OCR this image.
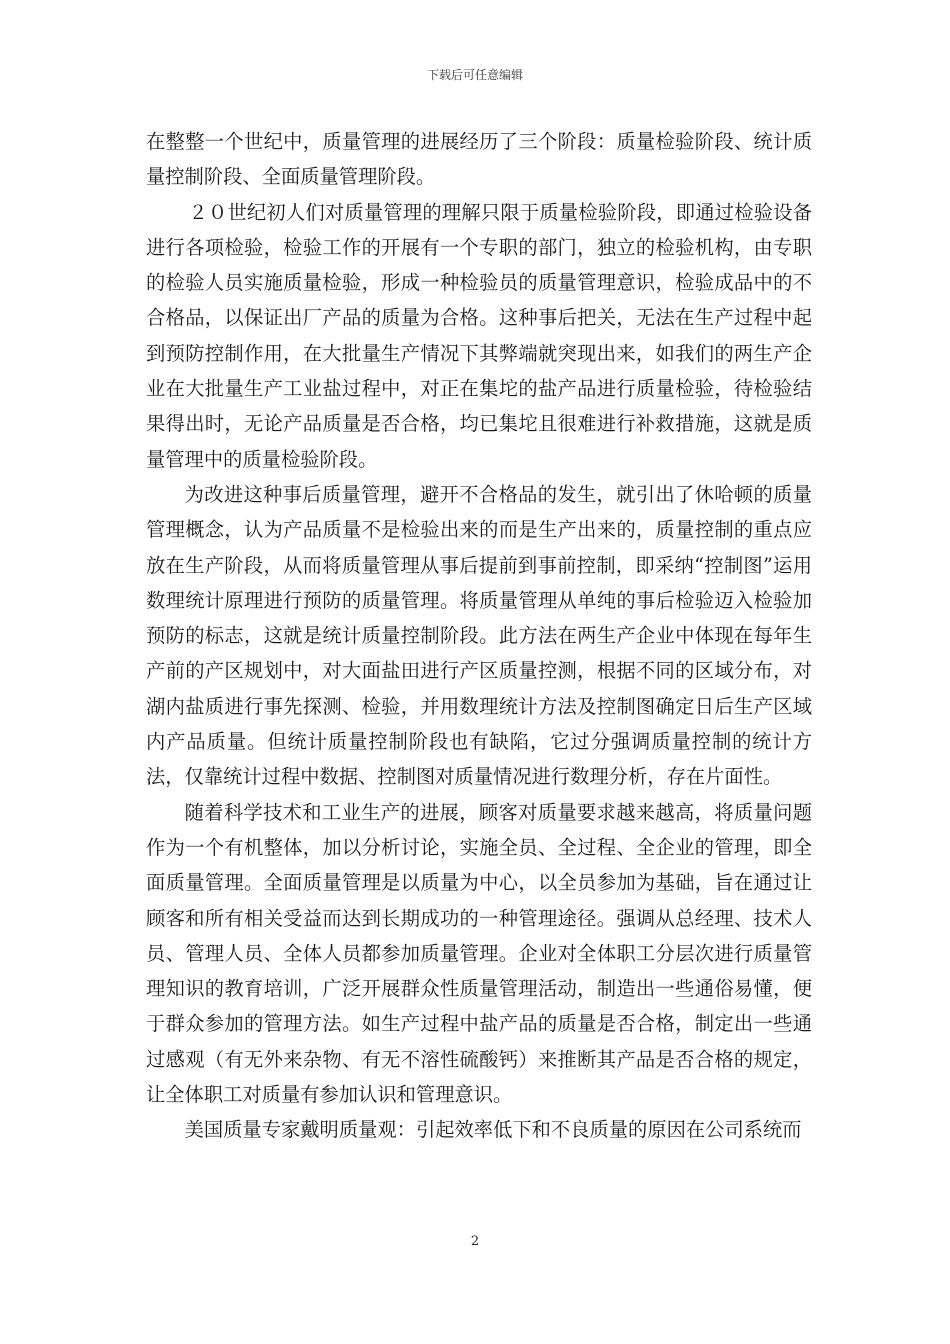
下载后可任意编辑

在整整一个世纪中，质量管理的进展经历了三个阶段：质量检验阶段、统计质量控制阶段、全面质量管理阶段。

２０世纪初人们对质量管理的理解只限于质量检验阶段，即通过检验设备进行各项检验，检验工作的开展有一个专职的部门，独立的检验机构，由专职的检验人员实施质量检验，形成一种检验员的质量管理意识，检验成品中的不合格品，以保证出厂产品的质量为合格。这种事后把关，无法在生产过程中起到预防控制作用，在大批量生产情况下其弊端就突现出来，如我们的两生产企业在大批量生产工业盐过程中，对正在集坨的盐产品进行质量检验，待检验结果得出时，无论产品质量是否合格，均已集坨且很难进行补救措施，这就是质量管理中的质量检验阶段。

为改进这种事后质量管理，避开不合格品的发生，就引出了休哈顿的质量管理概念，认为产品质量不是检验出来的而是生产出来的，质量控制的重点应放在生产阶段，从而将质量管理从事后提前到事前控制，即采纳“控制图”运用数理统计原理进行预防的质量管理。将质量管理从单纯的事后检验迈入检验加预防的标志，这就是统计质量控制阶段。此方法在两生产企业中体现在每年生产前的产区规划中，对大面盐田进行产区质量控测，根据不同的区域分布，对湖内盐质进行事先探测、检验，并用数理统计方法及控制图确定日后生产区域内产品质量。但统计质量控制阶段也有缺陷，它过分强调质量控制的统计方法，仅靠统计过程中数据、控制图对质量情况进行数理分析，存在片面性。

随着科学技术和工业生产的进展，顾客对质量要求越来越高，将质量问题作为一个有机整体，加以分析讨论，实施全员、全过程、全企业的管理，即全面质量管理。全面质量管理是以质量为中心，以全员参加为基础，旨在通过让顾客和所有相关受益而达到长期成功的一种管理途径。强调从总经理、技术人员、管理人员、全体人员都参加质量管理。企业对全体职工分层次进行质量管理知识的教育培训，广泛开展群众性质量管理活动，制造出一些通俗易懂，便于群众参加的管理方法。如生产过程中盐产品的质量是否合格，制定出一些通过感观（有无外来杂物、有无不溶性硫酸钙）来推断其产品是否合格的规定，让全体职工对质量有参加认识和管理意识。

美国质量专家戴明质量观：引起效率低下和不良质量的原因在公司系统而

2
